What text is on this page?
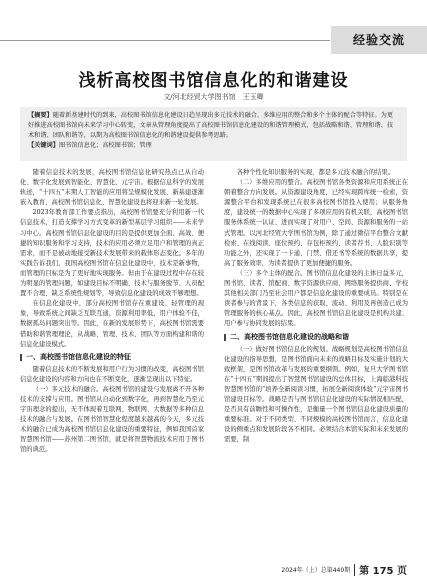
经验交流
浅析高校图书馆信息化的和谐建设
文/河北经贸大学图书馆　王玉卿

【摘要】随着新基建时代的到来，高校图书馆信息化建设日趋呈现出多元技术的融合、多维应用的整合和多个主体的配合等特征。为更好推进高校图书馆向未来学习中心转变，文章从管理角度提出了高校图书馆信息化建设的和谐管理模式，包括战略和谐、管理和谐、技术和谐、团队和谐等，以期为高校图书馆信息化的和谐建设提供参考思路。

【关键词】图书馆信息化；高校图书馆；管理

随着信息技术的发展，高校图书馆信息化研究热点已从自动化、数字化发展到智能化、智慧化、元宇宙。根据信息科学的发展轨迹，“十四五”末期人工智能的应用将呈规模化发展，新基建逐渐嵌入教育，高校图书馆信息化、智慧化建设也将迎来新一轮发展。

2023年教育部工作要点指出，高校图书馆要充分利用新一代信息技术，打造支撑学习方式变革的新型基层学习组织——未来学习中心。高校图书馆信息化建设的目的是提供更加全面、高效、便捷的知识服务和学习支持，技术的应用必须立足用户和管理的真正需求，而不是被动地接受新技术发展带来的载体形态变化。多年的实践告诉我们，我国高校图书馆在信息化建设中，技术是新事物，而管理的目标是为了更好地实现服务。但由于在建设过程中存在较为明显的管理问题，如建设目标不明确、技术与服务脱节、人员配置不合理、缺乏系统性规划等，导致信息化建设的成效不够理想。

在信息化建设中，部分高校图书馆存在重建设、轻管理的现象，导致系统之间缺乏互联互通，资源利用率低，用户体验不佳，数据孤岛问题突出等。因此，在新的发展形势下，高校图书馆需要借助和谐管理理论，从战略、管理、技术、团队等方面构建和谐的信息化建设模式。

一、高校图书馆信息化建设的特征

随着信息技术的不断发展和用户行为习惯的改变，高校图书馆信息化建设的内容和方向也在不断变化，逐渐呈现出以下特征。

（一）多元技术的融合。高校图书馆的建设与发展离不开各种技术的支撑与应用。图书馆从自动化到数字化，再到智慧化乃至元宇宙理念的提出，无不体现着互联网、物联网、大数据等多种信息技术的融合与发展。在图书馆智慧化程度越来越高的今天，多元技术的融合已成为高校图书馆信息化建设的重要特征，例如我国首家智慧图书馆——苏州第二图书馆，就是将智慧物流技术应用于图书馆的典范。

各种个性化知识服务的实现，都是多元技术融合的结果。

（二）多维应用的整合。高校图书馆各类资源和应用系统正在朝着整合方向发展。从资源建设角度，已经实现跨库统一检索，资源整合平台和发现系统已在很多高校图书馆投入使用；从服务角度，建设统一的数据中心实现了多项应用的有机关联，高校图书馆服务体系统一认证、进而实现了对用户、空间、资源和服务的一站式管理。以河北经贸大学图书馆为例，除了通过微信平台整合文献检索、在线阅读、座位预约、存包柜预约、读者荐书、人脸识别等功能之外，还实现了一卡通、门禁、借还书等系统的数据共享，提高了服务效率，为读者提供了更加便捷的服务。

（三）多个主体的配合。图书馆信息化建设的主体日益多元，图书馆、读者、馆配商、数字资源供应商、网络服务提供商、学校其他相关部门乃至社会用户都是信息化建设的重要成员。特别是在读者参与的背景下，各类信息的获取、流动、利用及再创造已成为管理服务的核心基点。因此，高校图书馆信息化建设是机构共建、用户参与协同发展的结果。

二、高校图书馆信息化建设的战略和谐

（一）做好图书馆信息化的规划。战略规划是高校图书馆信息化建设的指导思想，是图书馆面向未来的战略目标及实施计划的大致框架，是图书馆改革与发展的重要纲领。例如，复旦大学图书馆在“十四五”期间提出了智慧图书馆建设的总体目标，上海临港科技智慧图书馆的“培养全新阅读习惯，拓展全新阅读体验”元宇宙图书馆建设目标等。战略是否与图书馆信息化建设的实际情况相匹配，是否具有前瞻性和可操作性，是衡量一个图书馆信息化建设质量的重要标准。对于不同类型、不同规模的高校图书馆而言，信息化建设的侧重点和发展阶段各不相同。必须结合本馆实际和未来发展的需要，制

2024年（上）总第440期 第 175 页
